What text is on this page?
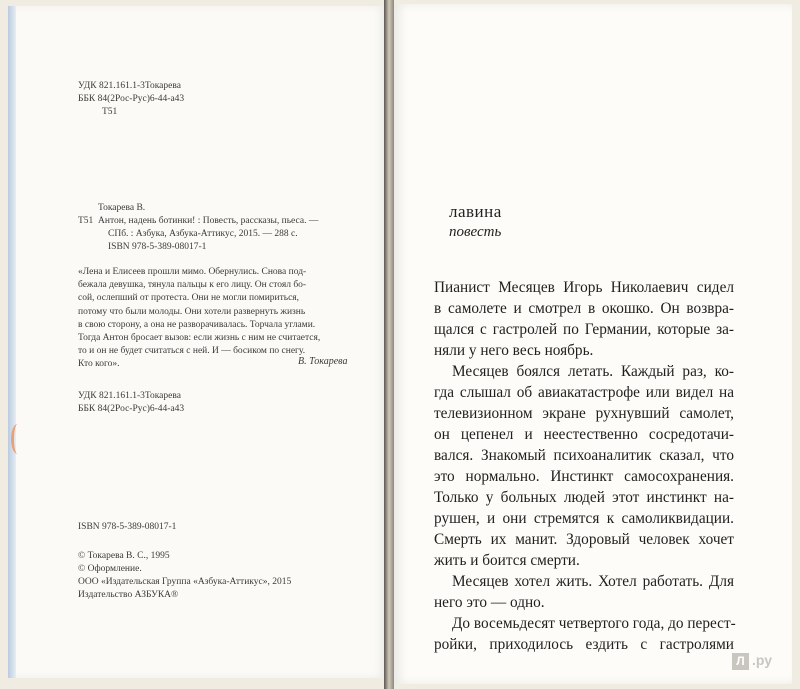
УДК 821.161.1-3Токарева
ББК 84(2Рос-Рус)6-44-а43
Т51
Токарева В.
Т51 Антон, надень ботинки! : Повесть, рассказы, пьеса. —
СПб. : Азбука, Азбука-Аттикус, 2015. — 288 с.
ISBN 978-5-389-08017-1
«Лена и Елисеев прошли мимо. Обернулись. Снова под-
бежала девушка, тянула пальцы к его лицу. Он стоял бо-
сой, ослепший от протеста. Они не могли помириться,
потому что были молоды. Они хотели развернуть жизнь
в свою сторону, а она не разворачивалась. Торчала углами.
Тогда Антон бросает вызов: если жизнь с ним не считается,
то и он не будет считаться с ней. И — босиком по снегу.
Кто кого».	В. Токарева
УДК 821.161.1-3Токарева
ББК 84(2Рос-Рус)6-44-а43
ISBN 978-5-389-08017-1
© Токарева В. С., 1995
© Оформление.
ООО «Издательская Группа «Азбука-Аттикус», 2015
Издательство АЗБУКА®
лавина
повесть
Пианист Месяцев Игорь Николаевич сидел
в самолете и смотрел в окошко. Он возвра-
щался с гастролей по Германии, которые за-
няли у него весь ноябрь.
Месяцев боялся летать. Каждый раз, ко-
гда слышал об авиакатастрофе или видел на
телевизионном экране рухнувший самолет,
он цепенел и неестественно сосредотачи-
вался. Знакомый психоаналитик сказал, что
это нормально. Инстинкт самосохранения.
Только у больных людей этот инстинкт на-
рушен, и они стремятся к самоликвидации.
Смерть их манит. Здоровый человек хочет
жить и боится смерти.
Месяцев хотел жить. Хотел работать. Для
него это — одно.
До восемьдесят четвертого года, до перест-
ройки, приходилось ездить с гастролями
Л .ру
